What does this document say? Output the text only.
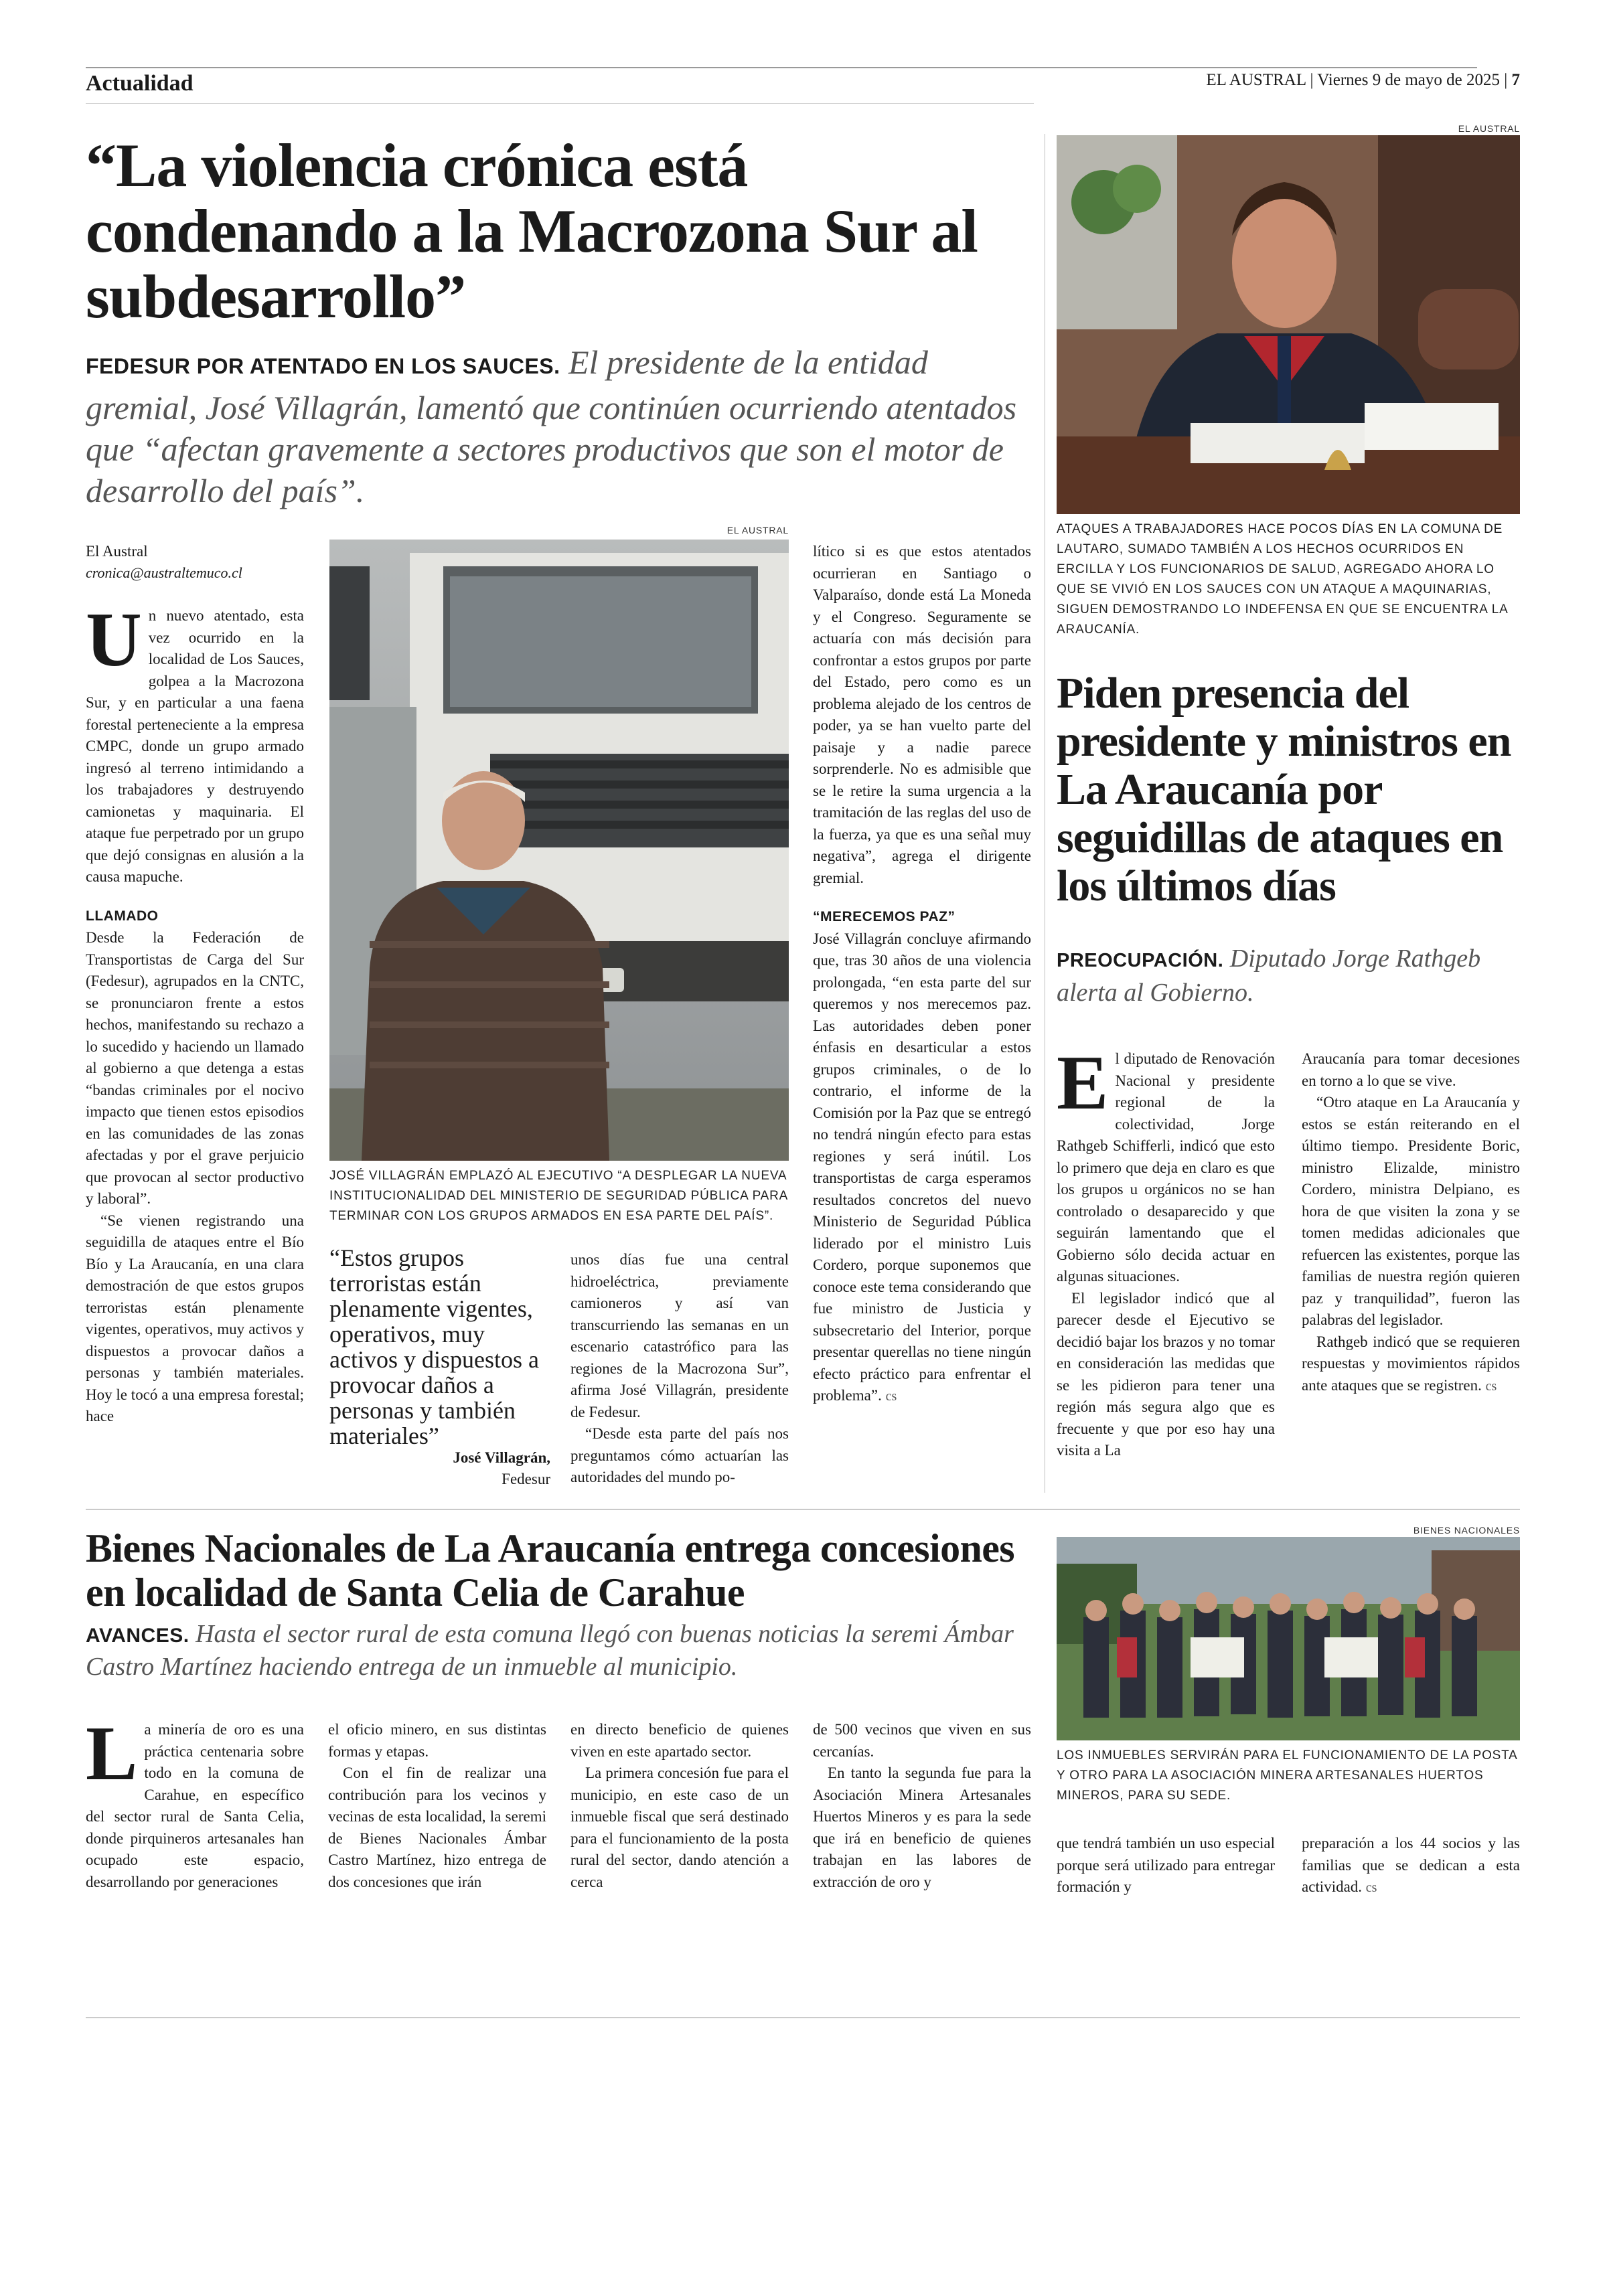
Actualidad	EL AUSTRAL | Viernes 9 de mayo de 2025 | 7
“La violencia crónica está condenando a la Macrozona Sur al subdesarrollo”
FEDESUR POR ATENTADO EN LOS SAUCES. El presidente de la entidad gremial, José Villagrán, lamentó que continúen ocurriendo atentados que “afectan gravemente a sectores productivos que son el motor de desarrollo del país”.
El Austral
cronica@australtemuco.cl
EL AUSTRAL
JOSÉ VILLAGRÁN EMPLAZÓ AL EJECUTIVO “A DESPLEGAR LA NUEVA INSTITUCIONALIDAD DEL MINISTERIO DE SEGURIDAD PÚBLICA PARA TERMINAR CON LOS GRUPOS ARMADOS EN ESA PARTE DEL PAÍS”.

Un nuevo atentado, esta vez ocurrido en la localidad de Los Sauces, golpea a la Macrozona Sur, y en particular a una faena forestal perteneciente a la empresa CMPC, donde un grupo armado ingresó al terreno intimidando a los trabajadores y destruyendo camionetas y maquinaria. El ataque fue perpetrado por un grupo que dejó consignas en alusión a la causa mapuche.

LLAMADO

Desde la Federación de Transportistas de Carga del Sur (Fedesur), agrupados en la CNTC, se pronunciaron frente a estos hechos, manifestando su rechazo a lo sucedido y haciendo un llamado al gobierno a que detenga a estas “bandas criminales por el nocivo impacto que tienen estos episodios en las comunidades de las zonas afectadas y por el grave perjuicio que provocan al sector productivo y laboral”.

“Se vienen registrando una seguidilla de ataques entre el Bío Bío y La Araucanía, en una clara demostración de que estos grupos terroristas están plenamente vigentes, operativos, muy activos y dispuestos a provocar daños a personas y también materiales. Hoy le tocó a una empresa forestal; hace

“Estos grupos terroristas están plenamente vigentes, operativos, muy activos y dispuestos a provocar daños a personas y también materiales”
José Villagrán,
Fedesur

unos días fue una central hidroeléctrica, previamente camioneros y así van transcurriendo las semanas en un escenario catastrófico para las regiones de la Macrozona Sur”, afirma José Villagrán, presidente de Fedesur.

“Desde esta parte del país nos preguntamos cómo actuarían las autoridades del mundo po-

lítico si es que estos atentados ocurrieran en Santiago o Valparaíso, donde está La Moneda y el Congreso. Seguramente se actuaría con más decisión para confrontar a estos grupos por parte del Estado, pero como es un problema alejado de los centros de poder, ya se han vuelto parte del paisaje y a nadie parece sorprenderle. No es admisible que se le retire la suma urgencia a la tramitación de las reglas del uso de la fuerza, ya que es una señal muy negativa”, agrega el dirigente gremial.

“MERECEMOS PAZ”

José Villagrán concluye afirmando que, tras 30 años de una violencia prolongada, “en esta parte del sur queremos y nos merecemos paz. Las autoridades deben poner énfasis en desarticular a estos grupos criminales, o de lo contrario, el informe de la Comisión por la Paz que se entregó no tendrá ningún efecto para estas regiones y será inútil. Los transportistas de carga esperamos resultados concretos del nuevo Ministerio de Seguridad Pública liderado por el ministro Luis Cordero, porque suponemos que conoce este tema considerando que fue ministro de Justicia y subsecretario del Interior, porque presentar querellas no tiene ningún efecto práctico para enfrentar el problema”. cs

EL AUSTRAL
ATAQUES A TRABAJADORES HACE POCOS DÍAS EN LA COMUNA DE LAUTARO, SUMADO TAMBIÉN A LOS HECHOS OCURRIDOS EN ERCILLA Y LOS FUNCIONARIOS DE SALUD, AGREGADO AHORA LO QUE SE VIVIÓ EN LOS SAUCES CON UN ATAQUE A MAQUINARIAS, SIGUEN DEMOSTRANDO LO INDEFENSA EN QUE SE ENCUENTRA LA ARAUCANÍA.
Piden presencia del presidente y ministros en La Araucanía por seguidillas de ataques en los últimos días
PREOCUPACIÓN. Diputado Jorge Rathgeb alerta al Gobierno.

El diputado de Renovación Nacional y presidente regional de la colectividad, Jorge Rathgeb Schifferli, indicó que esto lo primero que deja en claro es que los grupos u orgánicos no se han controlado o desaparecido y que seguirán lamentando que el Gobierno sólo decida actuar en algunas situaciones.

El legislador indicó que al parecer desde el Ejecutivo se decidió bajar los brazos y no tomar en consideración las medidas que se les pidieron para tener una región más segura algo que es frecuente y que por eso hay una visita a La

Araucanía para tomar decesiones en torno a lo que se vive.

“Otro ataque en La Araucanía y estos se están reiterando en el último tiempo. Presidente Boric, ministro Elizalde, ministro Cordero, ministra Delpiano, es hora de que visiten la zona y se tomen medidas adicionales que refuercen las existentes, porque las familias de nuestra región quieren paz y tranquilidad”, fueron las palabras del legislador.

Rathgeb indicó que se requieren respuestas y movimientos rápidos ante ataques que se registren. cs

Bienes Nacionales de La Araucanía entrega concesiones en localidad de Santa Celia de Carahue
AVANCES. Hasta el sector rural de esta comuna llegó con buenas noticias la seremi Ámbar Castro Martínez haciendo entrega de un inmueble al municipio.
BIENES NACIONALES
LOS INMUEBLES SERVIRÁN PARA EL FUNCIONAMIENTO DE LA POSTA Y OTRO PARA LA ASOCIACIÓN MINERA ARTESANALES HUERTOS MINEROS, PARA SU SEDE.

La minería de oro es una práctica centenaria sobre todo en la comuna de Carahue, en específico del sector rural de Santa Celia, donde pirquineros artesanales han ocupado este espacio, desarrollando por generaciones

el oficio minero, en sus distintas formas y etapas.

Con el fin de realizar una contribución para los vecinos y vecinas de esta localidad, la seremi de Bienes Nacionales Ámbar Castro Martínez, hizo entrega de dos concesiones que irán

en directo beneficio de quienes viven en este apartado sector.

La primera concesión fue para el municipio, en este caso de un inmueble fiscal que será destinado para el funcionamiento de la posta rural del sector, dando atención a cerca

de 500 vecinos que viven en sus cercanías.

En tanto la segunda fue para la Asociación Minera Artesanales Huertos Mineros y es para la sede que irá en beneficio de quienes trabajan en las labores de extracción de oro y

que tendrá también un uso especial porque será utilizado para entregar formación y

preparación a los 44 socios y las familias que se dedican a esta actividad. cs
